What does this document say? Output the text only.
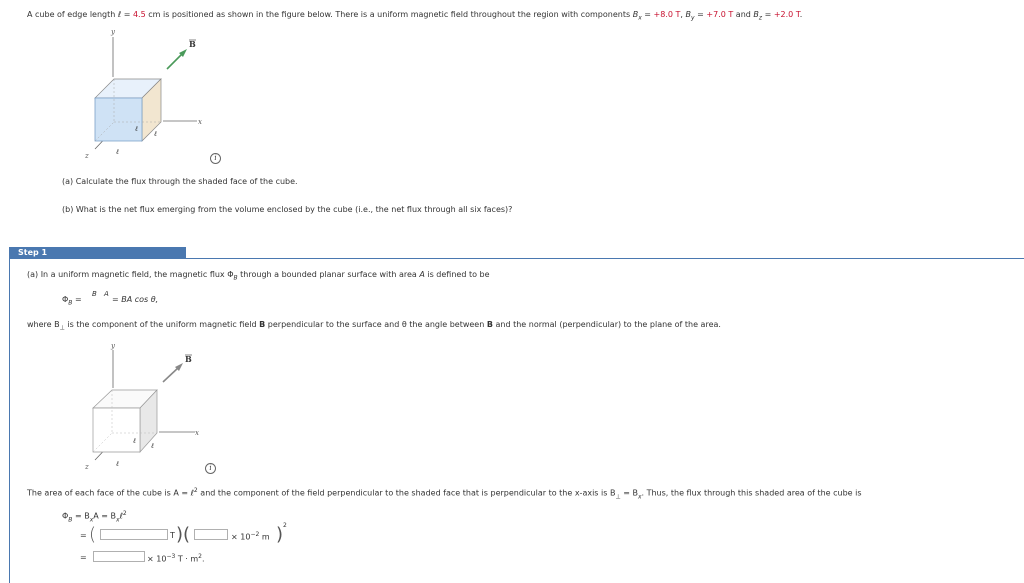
A cube of edge length ℓ = 4.5 cm is positioned as shown in the figure below. There is a uniform magnetic field throughout the region with components $B_x = +8.0$ T, $B_y = +7.0$ T and $B_z = +2.0$ T.
y
x
z
B
ℓ
ℓ
ℓ
i
(a) Calculate the flux through the shaded face of the cube.
(b) What is the net flux emerging from the volume enclosed by the cube (i.e., the net flux through all six faces)?
Step 1
(a) In a uniform magnetic field, the magnetic flux $\Phi_B$ through a bounded planar surface with area A is defined to be
$\Phi_B$ =
B A
= BA cos θ,
where $B_\perp$ is the component of the uniform magnetic field B perpendicular to the surface and θ the angle between B and the normal (perpendicular) to the plane of the area.
y
x
z
B
ℓ
ℓ
ℓ	i
The area of each face of the cube is A = ℓ$^2$ and the component of the field perpendicular to the shaded face that is perpendicular to the x-axis is $B_\perp = B_x$. Thus, the flux through this shaded area of the cube is
$\Phi_B = B_xA$ = $B_x\ell^2$
= (	T )(	× $10^{-2}$ m ) 2
=	× $10^{-3}$ $T \cdot m^2$.
